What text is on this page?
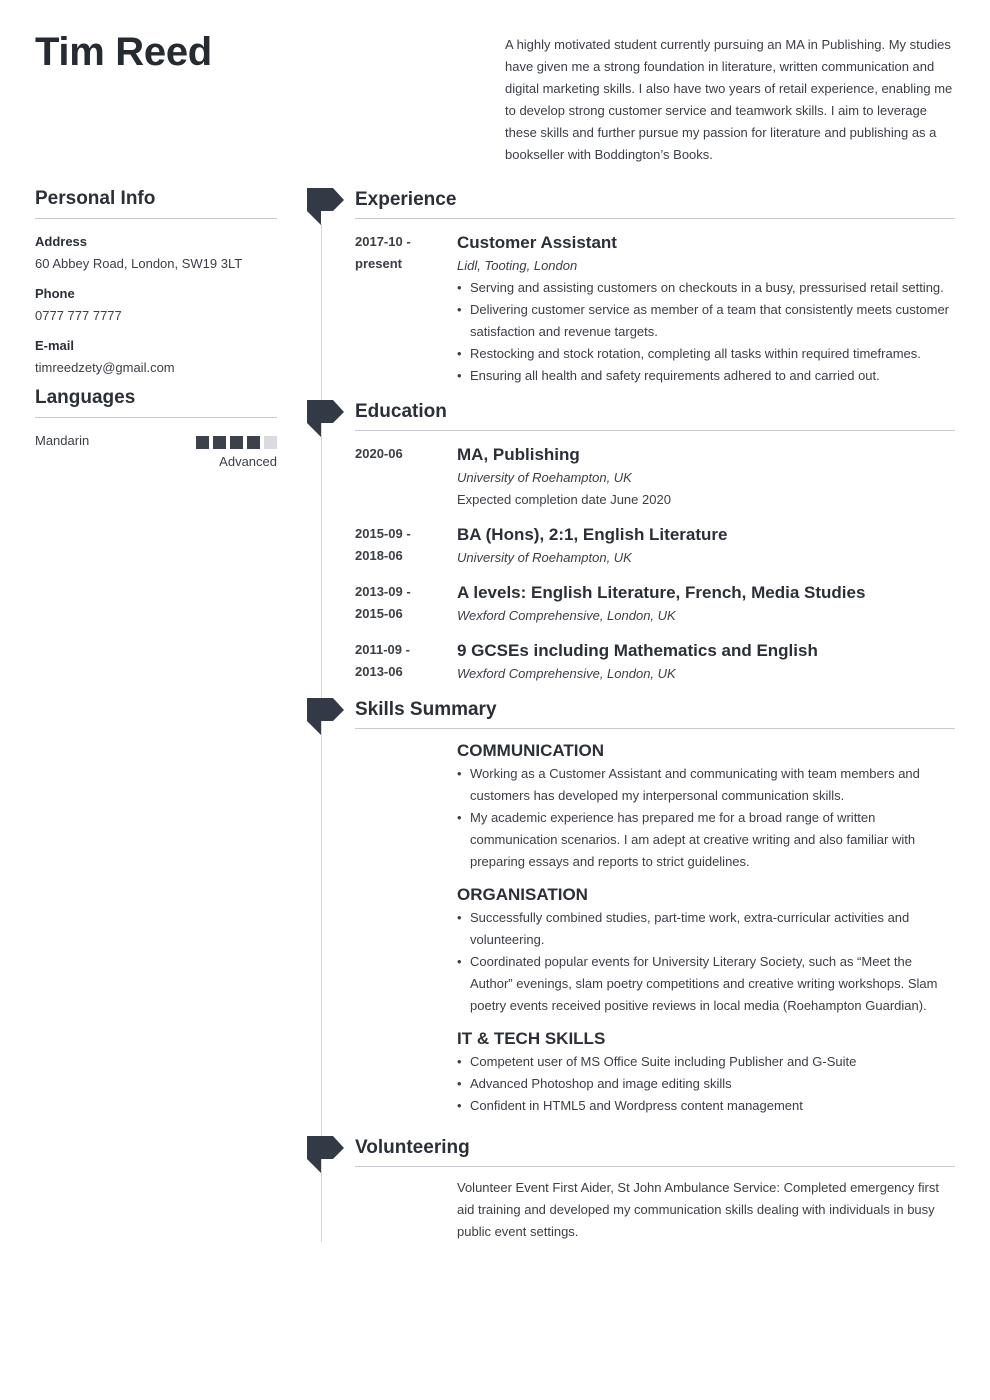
Tim Reed	A highly motivated student currently pursuing an MA in Publishing. My studies have given me a strong foundation in literature, written communication and digital marketing skills. I also have two years of retail experience, enabling me to develop strong customer service and teamwork skills. I aim to leverage these skills and further pursue my passion for literature and publishing as a bookseller with Boddington’s Books.
Personal Info
Address
60 Abbey Road, London, SW19 3LT
Phone
0777 777 7777
E-mail
timreedzety@gmail.com
Languages
Mandarin
Advanced
Experience
2017-10 - present
Customer Assistant
Lidl, Tooting, London
• Serving and assisting customers on checkouts in a busy, pressurised retail setting.
• Delivering customer service as member of a team that consistently meets customer satisfaction and revenue targets.
• Restocking and stock rotation, completing all tasks within required timeframes.
• Ensuring all health and safety requirements adhered to and carried out.
Education
2020-06	MA, Publishing
University of Roehampton, UK
Expected completion date June 2020
2015-09 - 2018-06
BA (Hons), 2:1, English Literature
University of Roehampton, UK
2013-09 - 2015-06
A levels: English Literature, French, Media Studies
Wexford Comprehensive, London, UK
2011-09 - 2013-06
9 GCSEs including Mathematics and English
Wexford Comprehensive, London, UK
Skills Summary
COMMUNICATION
• Working as a Customer Assistant and communicating with team members and customers has developed my interpersonal communication skills.
• My academic experience has prepared me for a broad range of written communication scenarios. I am adept at creative writing and also familiar with preparing essays and reports to strict guidelines.
ORGANISATION
• Successfully combined studies, part-time work, extra-curricular activities and volunteering.
• Coordinated popular events for University Literary Society, such as “Meet the Author” evenings, slam poetry competitions and creative writing workshops. Slam poetry events received positive reviews in local media (Roehampton Guardian).
IT & TECH SKILLS
• Competent user of MS Office Suite including Publisher and G-Suite
• Advanced Photoshop and image editing skills
• Confident in HTML5 and Wordpress content management
Volunteering
Volunteer Event First Aider, St John Ambulance Service: Completed emergency first aid training and developed my communication skills dealing with individuals in busy public event settings.
